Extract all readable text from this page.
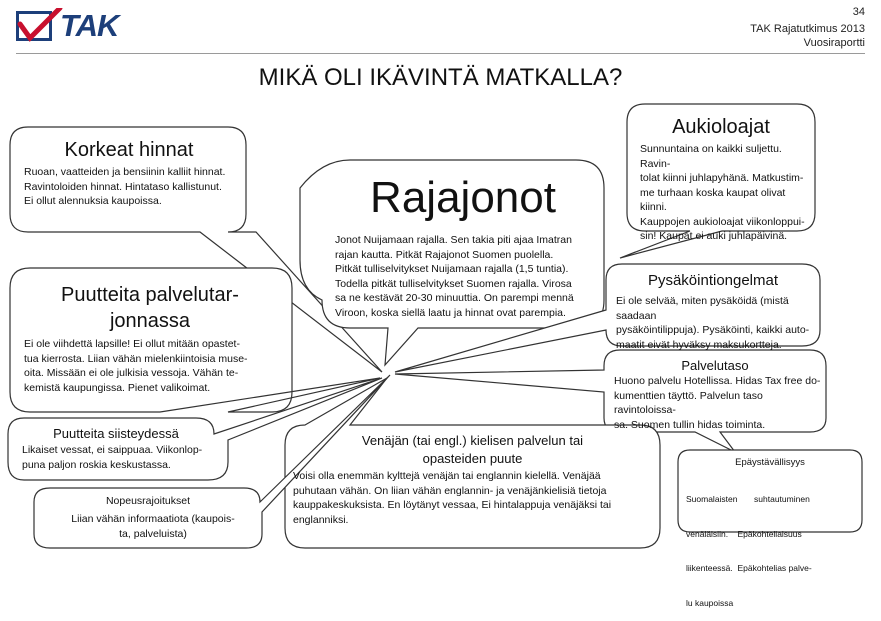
TAK	34
TAK Rajatutkimus 2013
Vuosiraportti
MIKÄ OLI IKÄVINTÄ MATKALLA?
Korkeat hinnat
Ruoan, vaatteiden ja bensiinin kalliit hinnat.
Ravintoloiden hinnat. Hintataso kallistunut.
Ei ollut alennuksia kaupoissa.	Rajajonot
Jonot Nuijamaan rajalla. Sen takia piti ajaa Imatran
rajan kautta. Pitkät Rajajonot Suomen puolella.
Pitkät tulliselvitykset Nuijamaan rajalla (1,5 tuntia).
Todella pitkät tulliselvitykset Suomen rajalla. Virosa
sa ne kestävät 20-30 minuuttia. On parempi mennä
Viroon, koska siellä laatu ja hinnat ovat parempia.
Aukioloajat
Sunnuntaina on kaikki suljettu. Ravin-
tolat kiinni juhlapyhänä. Matkustim-
me turhaan koska kaupat olivat kiinni.
Kauppojen aukioloajat viikonloppui-
sin! Kaupat ei auki juhlapäivinä.
Puutteita palvelutar-
jonnassa
Ei ole viihdettä lapsille! Ei ollut mitään opastet-
tua kierrosta. Liian vähän mielenkiintoisia muse-
oita. Missään ei ole julkisia vessoja. Vähän te-
kemistä kaupungissa. Pienet valikoimat.
Pysäköintiongelmat
Ei ole selvää, miten pysäköidä (mistä saadaan
pysäköintilippuja). Pysäköinti, kaikki auto-
maatit eivät hyväksy maksukortteja.
Palvelutaso
Huono palvelu Hotellissa. Hidas Tax free do-
kumenttien täyttö. Palvelun taso ravintoloissa-
sa. Suomen tullin hidas toiminta.
Puutteita siisteydessä
Likaiset vessat, ei saippuaa. Viikonlop-
puna paljon roskia keskustassa.
Venäjän (tai engl.) kielisen palvelun tai
opasteiden puute
Voisi olla enemmän kylttejä venäjän tai englannin kielellä. Venäjää
puhutaan vähän. On liian vähän englannin- ja venäjänkielisiä tietoja
kauppakeskuksista. En löytänyt vessaa, Ei hintalappuja venäjäksi tai
englanniksi.
Nopeusrajoitukset
Liian vähän informaatiota (kaupois-
ta, palveluista)
Epäystävällisyys

Suomalaisten       suhtautuminen

venäläisiin.    Epäkohteliaisuus

liikenteessä.  Epäkohtelias palve-

lu kaupoissa
